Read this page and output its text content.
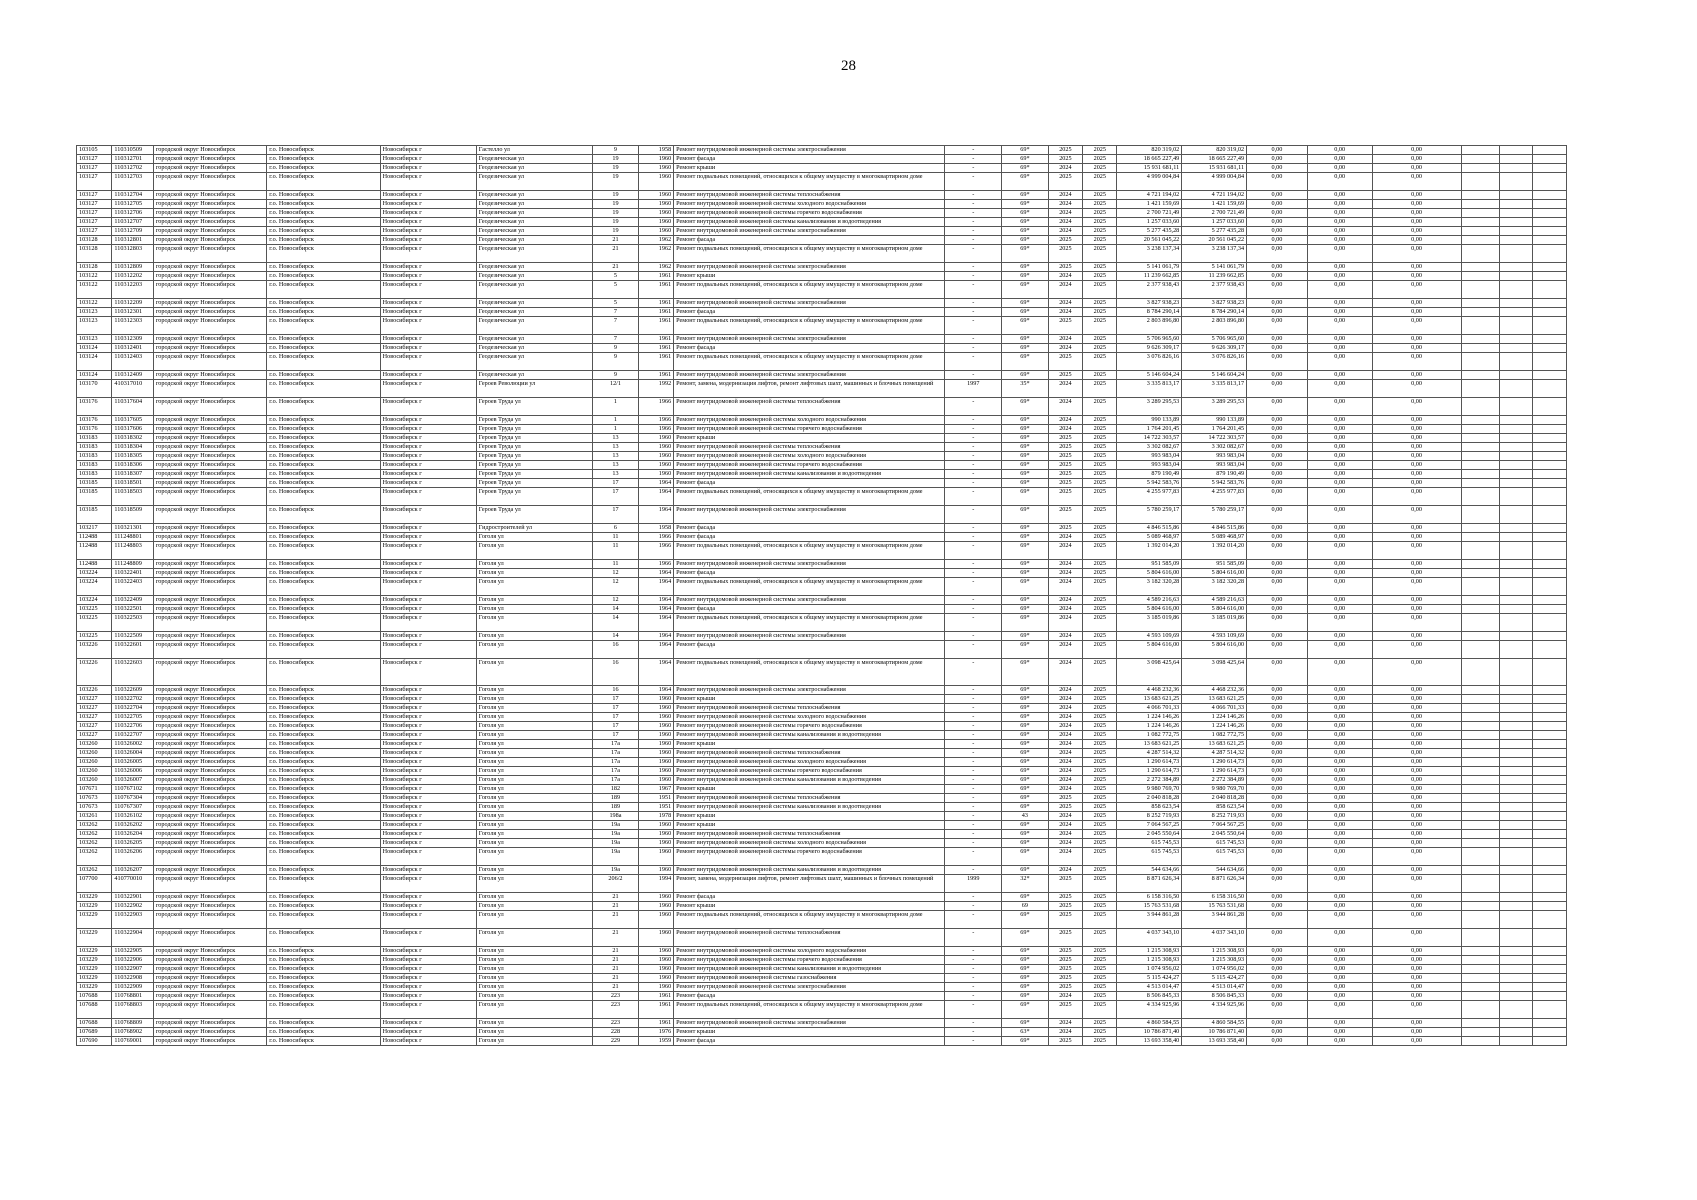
28
103105	110310509	городской округ Новосибирск	г.о. Новосибирск	Новосибирск г	Гастелло ул	9	1958	Ремонт внутридомовой инженерной системы электроснабжения	-	69*	2025	2025	820 319,02	820 319,02	0,00	0,00	0,00			
103127	110312701	городской округ Новосибирск	г.о. Новосибирск	Новосибирск г	Геодезическая ул	19	1960	Ремонт фасада	-	69*	2025	2025	18 665 227,49	18 665 227,49	0,00	0,00	0,00			
103127	110312702	городской округ Новосибирск	г.о. Новосибирск	Новосибирск г	Геодезическая ул	19	1960	Ремонт крыши	-	69*	2024	2025	15 931 681,11	15 931 681,11	0,00	0,00	0,00			
103127	110312703	городской округ Новосибирск	г.о. Новосибирск	Новосибирск г	Геодезическая ул	19	1960	Ремонт подвальных помещений, относящихся к общему имуществу в многоквартирном доме	-	69*	2025	2025	4 999 004,84	4 999 004,84	0,00	0,00	0,00			
103127	110312704	городской округ Новосибирск	г.о. Новосибирск	Новосибирск г	Геодезическая ул	19	1960	Ремонт внутридомовой инженерной системы теплоснабжения	-	69*	2024	2025	4 721 194,02	4 721 194,02	0,00	0,00	0,00			
103127	110312705	городской округ Новосибирск	г.о. Новосибирск	Новосибирск г	Геодезическая ул	19	1960	Ремонт внутридомовой инженерной системы холодного водоснабжения	-	69*	2024	2025	1 421 159,69	1 421 159,69	0,00	0,00	0,00			
103127	110312706	городской округ Новосибирск	г.о. Новосибирск	Новосибирск г	Геодезическая ул	19	1960	Ремонт внутридомовой инженерной системы горячего водоснабжения	-	69*	2024	2025	2 700 721,49	2 700 721,49	0,00	0,00	0,00			
103127	110312707	городской округ Новосибирск	г.о. Новосибирск	Новосибирск г	Геодезическая ул	19	1960	Ремонт внутридомовой инженерной системы канализования и водоотведения	-	69*	2024	2025	1 257 033,60	1 257 033,60	0,00	0,00	0,00			
103127	110312709	городской округ Новосибирск	г.о. Новосибирск	Новосибирск г	Геодезическая ул	19	1960	Ремонт внутридомовой инженерной системы электроснабжения	-	69*	2024	2025	5 277 435,28	5 277 435,28	0,00	0,00	0,00			
103128	110312801	городской округ Новосибирск	г.о. Новосибирск	Новосибирск г	Геодезическая ул	21	1962	Ремонт фасада	-	69*	2025	2025	20 561 045,22	20 561 045,22	0,00	0,00	0,00			
103128	110312803	городской округ Новосибирск	г.о. Новосибирск	Новосибирск г	Геодезическая ул	21	1962	Ремонт подвальных помещений, относящихся к общему имуществу в многоквартирном доме	-	69*	2025	2025	3 238 137,34	3 238 137,34	0,00	0,00	0,00			
103128	110312809	городской округ Новосибирск	г.о. Новосибирск	Новосибирск г	Геодезическая ул	21	1962	Ремонт внутридомовой инженерной системы электроснабжения	-	69*	2025	2025	5 141 061,79	5 141 061,79	0,00	0,00	0,00			
103122	110312202	городской округ Новосибирск	г.о. Новосибирск	Новосибирск г	Геодезическая ул	5	1961	Ремонт крыши	-	69*	2024	2025	11 239 662,85	11 239 662,85	0,00	0,00	0,00			
103122	110312203	городской округ Новосибирск	г.о. Новосибирск	Новосибирск г	Геодезическая ул	5	1961	Ремонт подвальных помещений, относящихся к общему имуществу в многоквартирном доме	-	69*	2024	2025	2 377 938,43	2 377 938,43	0,00	0,00	0,00			
103122	110312209	городской округ Новосибирск	г.о. Новосибирск	Новосибирск г	Геодезическая ул	5	1961	Ремонт внутридомовой инженерной системы электроснабжения	-	69*	2024	2025	3 827 938,23	3 827 938,23	0,00	0,00	0,00			
103123	110312301	городской округ Новосибирск	г.о. Новосибирск	Новосибирск г	Геодезическая ул	7	1961	Ремонт фасада	-	69*	2024	2025	8 784 290,14	8 784 290,14	0,00	0,00	0,00			
103123	110312303	городской округ Новосибирск	г.о. Новосибирск	Новосибирск г	Геодезическая ул	7	1961	Ремонт подвальных помещений, относящихся к общему имуществу в многоквартирном доме	-	69*	2025	2025	2 803 896,80	2 803 896,80	0,00	0,00	0,00			
103123	110312309	городской округ Новосибирск	г.о. Новосибирск	Новосибирск г	Геодезическая ул	7	1961	Ремонт внутридомовой инженерной системы электроснабжения	-	69*	2024	2025	5 706 965,60	5 706 965,60	0,00	0,00	0,00			
103124	110312401	городской округ Новосибирск	г.о. Новосибирск	Новосибирск г	Геодезическая ул	9	1961	Ремонт фасада	-	69*	2024	2025	9 626 309,17	9 626 309,17	0,00	0,00	0,00			
103124	110312403	городской округ Новосибирск	г.о. Новосибирск	Новосибирск г	Геодезическая ул	9	1961	Ремонт подвальных помещений, относящихся к общему имуществу в многоквартирном доме	-	69*	2025	2025	3 076 826,16	3 076 826,16	0,00	0,00	0,00			
103124	110312409	городской округ Новосибирск	г.о. Новосибирск	Новосибирск г	Геодезическая ул	9	1961	Ремонт внутридомовой инженерной системы электроснабжения	-	69*	2025	2025	5 146 604,24	5 146 604,24	0,00	0,00	0,00			
103170	410317010	городской округ Новосибирск	г.о. Новосибирск	Новосибирск г	Героев Революции ул	12/1	1992	Ремонт, замена, модернизация лифтов, ремонт лифтовых шахт, машинных и блочных помещений	1997	35*	2024	2025	3 335 813,17	3 335 813,17	0,00	0,00	0,00			
103176	110317604	городской округ Новосибирск	г.о. Новосибирск	Новосибирск г	Героев Труда ул	1	1966	Ремонт внутридомовой инженерной системы теплоснабжения	-	69*	2024	2025	3 289 295,53	3 289 295,53	0,00	0,00	0,00			
103176	110317605	городской округ Новосибирск	г.о. Новосибирск	Новосибирск г	Героев Труда ул	1	1966	Ремонт внутридомовой инженерной системы холодного водоснабжения	-	69*	2024	2025	990 133,89	990 133,89	0,00	0,00	0,00			
103176	110317606	городской округ Новосибирск	г.о. Новосибирск	Новосибирск г	Героев Труда ул	1	1966	Ремонт внутридомовой инженерной системы горячего водоснабжения	-	69*	2024	2025	1 764 201,45	1 764 201,45	0,00	0,00	0,00			
103183	110318302	городской округ Новосибирск	г.о. Новосибирск	Новосибирск г	Героев Труда ул	13	1960	Ремонт крыши	-	69*	2025	2025	14 722 303,57	14 722 303,57	0,00	0,00	0,00			
103183	110318304	городской округ Новосибирск	г.о. Новосибирск	Новосибирск г	Героев Труда ул	13	1960	Ремонт внутридомовой инженерной системы теплоснабжения	-	69*	2025	2025	3 302 082,67	3 302 082,67	0,00	0,00	0,00			
103183	110318305	городской округ Новосибирск	г.о. Новосибирск	Новосибирск г	Героев Труда ул	13	1960	Ремонт внутридомовой инженерной системы холодного водоснабжения	-	69*	2025	2025	993 983,04	993 983,04	0,00	0,00	0,00			
103183	110318306	городской округ Новосибирск	г.о. Новосибирск	Новосибирск г	Героев Труда ул	13	1960	Ремонт внутридомовой инженерной системы горячего водоснабжения	-	69*	2025	2025	993 983,04	993 983,04	0,00	0,00	0,00			
103183	110318307	городской округ Новосибирск	г.о. Новосибирск	Новосибирск г	Героев Труда ул	13	1960	Ремонт внутридомовой инженерной системы канализования и водоотведения	-	69*	2025	2025	879 190,49	879 190,49	0,00	0,00	0,00			
103185	110318501	городской округ Новосибирск	г.о. Новосибирск	Новосибирск г	Героев Труда ул	17	1964	Ремонт фасада	-	69*	2025	2025	5 942 583,76	5 942 583,76	0,00	0,00	0,00			
103185	110318503	городской округ Новосибирск	г.о. Новосибирск	Новосибирск г	Героев Труда ул	17	1964	Ремонт подвальных помещений, относящихся к общему имуществу в многоквартирном доме	-	69*	2025	2025	4 255 977,83	4 255 977,83	0,00	0,00	0,00			
103185	110318509	городской округ Новосибирск	г.о. Новосибирск	Новосибирск г	Героев Труда ул	17	1964	Ремонт внутридомовой инженерной системы электроснабжения	-	69*	2025	2025	5 780 259,17	5 780 259,17	0,00	0,00	0,00			
103217	110321301	городской округ Новосибирск	г.о. Новосибирск	Новосибирск г	Гидростроителей ул	6	1958	Ремонт фасада	-	69*	2025	2025	4 846 515,86	4 846 515,86	0,00	0,00	0,00			
112488	111248801	городской округ Новосибирск	г.о. Новосибирск	Новосибирск г	Гоголя ул	11	1966	Ремонт фасада	-	69*	2024	2025	5 089 468,97	5 089 468,97	0,00	0,00	0,00			
112488	111248803	городской округ Новосибирск	г.о. Новосибирск	Новосибирск г	Гоголя ул	11	1966	Ремонт подвальных помещений, относящихся к общему имуществу в многоквартирном доме	-	69*	2024	2025	1 392 014,20	1 392 014,20	0,00	0,00	0,00			
112488	111248809	городской округ Новосибирск	г.о. Новосибирск	Новосибирск г	Гоголя ул	11	1966	Ремонт внутридомовой инженерной системы электроснабжения	-	69*	2024	2025	951 585,09	951 585,09	0,00	0,00	0,00			
103224	110322401	городской округ Новосибирск	г.о. Новосибирск	Новосибирск г	Гоголя ул	12	1964	Ремонт фасада	-	69*	2024	2025	5 804 616,00	5 804 616,00	0,00	0,00	0,00			
103224	110322403	городской округ Новосибирск	г.о. Новосибирск	Новосибирск г	Гоголя ул	12	1964	Ремонт подвальных помещений, относящихся к общему имуществу в многоквартирном доме	-	69*	2024	2025	3 182 320,28	3 182 320,28	0,00	0,00	0,00			
103224	110322409	городской округ Новосибирск	г.о. Новосибирск	Новосибирск г	Гоголя ул	12	1964	Ремонт внутридомовой инженерной системы электроснабжения	-	69*	2024	2025	4 589 216,63	4 589 216,63	0,00	0,00	0,00			
103225	110322501	городской округ Новосибирск	г.о. Новосибирск	Новосибирск г	Гоголя ул	14	1964	Ремонт фасада	-	69*	2024	2025	5 804 616,00	5 804 616,00	0,00	0,00	0,00			
103225	110322503	городской округ Новосибирск	г.о. Новосибирск	Новосибирск г	Гоголя ул	14	1964	Ремонт подвальных помещений, относящихся к общему имуществу в многоквартирном доме	-	69*	2024	2025	3 185 019,86	3 185 019,86	0,00	0,00	0,00			
103225	110322509	городской округ Новосибирск	г.о. Новосибирск	Новосибирск г	Гоголя ул	14	1964	Ремонт внутридомовой инженерной системы электроснабжения	-	69*	2024	2025	4 593 109,69	4 593 109,69	0,00	0,00	0,00			
103226	110322601	городской округ Новосибирск	г.о. Новосибирск	Новосибирск г	Гоголя ул	16	1964	Ремонт фасада	-	69*	2024	2025	5 804 616,00	5 804 616,00	0,00	0,00	0,00			
103226	110322603	городской округ Новосибирск	г.о. Новосибирск	Новосибирск г	Гоголя ул	16	1964	Ремонт подвальных помещений, относящихся к общему имуществу в многоквартирном доме	-	69*	2024	2025	3 098 425,64	3 098 425,64	0,00	0,00	0,00			
103226	110322609	городской округ Новосибирск	г.о. Новосибирск	Новосибирск г	Гоголя ул	16	1964	Ремонт внутридомовой инженерной системы электроснабжения	-	69*	2024	2025	4 468 232,36	4 468 232,36	0,00	0,00	0,00			
103227	110322702	городской округ Новосибирск	г.о. Новосибирск	Новосибирск г	Гоголя ул	17	1960	Ремонт крыши	-	69*	2024	2025	13 683 621,25	13 683 621,25	0,00	0,00	0,00			
103227	110322704	городской округ Новосибирск	г.о. Новосибирск	Новосибирск г	Гоголя ул	17	1960	Ремонт внутридомовой инженерной системы теплоснабжения	-	69*	2024	2025	4 066 701,33	4 066 701,33	0,00	0,00	0,00			
103227	110322705	городской округ Новосибирск	г.о. Новосибирск	Новосибирск г	Гоголя ул	17	1960	Ремонт внутридомовой инженерной системы холодного водоснабжения	-	69*	2024	2025	1 224 146,26	1 224 146,26	0,00	0,00	0,00			
103227	110322706	городской округ Новосибирск	г.о. Новосибирск	Новосибирск г	Гоголя ул	17	1960	Ремонт внутридомовой инженерной системы горячего водоснабжения	-	69*	2024	2025	1 224 146,26	1 224 146,26	0,00	0,00	0,00			
103227	110322707	городской округ Новосибирск	г.о. Новосибирск	Новосибирск г	Гоголя ул	17	1960	Ремонт внутридомовой инженерной системы канализования и водоотведения	-	69*	2024	2025	1 082 772,75	1 082 772,75	0,00	0,00	0,00			
103260	110326002	городской округ Новосибирск	г.о. Новосибирск	Новосибирск г	Гоголя ул	17а	1960	Ремонт крыши	-	69*	2024	2025	13 683 621,25	13 683 621,25	0,00	0,00	0,00			
103260	110326004	городской округ Новосибирск	г.о. Новосибирск	Новосибирск г	Гоголя ул	17а	1960	Ремонт внутридомовой инженерной системы теплоснабжения	-	69*	2024	2025	4 287 514,32	4 287 514,32	0,00	0,00	0,00			
103260	110326005	городской округ Новосибирск	г.о. Новосибирск	Новосибирск г	Гоголя ул	17а	1960	Ремонт внутридомовой инженерной системы холодного водоснабжения	-	69*	2024	2025	1 290 614,73	1 290 614,73	0,00	0,00	0,00			
103260	110326006	городской округ Новосибирск	г.о. Новосибирск	Новосибирск г	Гоголя ул	17а	1960	Ремонт внутридомовой инженерной системы горячего водоснабжения	-	69*	2024	2025	1 290 614,73	1 290 614,73	0,00	0,00	0,00			
103260	110326007	городской округ Новосибирск	г.о. Новосибирск	Новосибирск г	Гоголя ул	17а	1960	Ремонт внутридомовой инженерной системы канализования и водоотведения	-	69*	2024	2025	2 272 384,89	2 272 384,89	0,00	0,00	0,00			
107671	110767102	городской округ Новосибирск	г.о. Новосибирск	Новосибирск г	Гоголя ул	182	1967	Ремонт крыши	-	69*	2024	2025	9 980 769,70	9 980 769,70	0,00	0,00	0,00			
107673	110767304	городской округ Новосибирск	г.о. Новосибирск	Новосибирск г	Гоголя ул	189	1951	Ремонт внутридомовой инженерной системы теплоснабжения	-	69*	2025	2025	2 040 818,28	2 040 818,28	0,00	0,00	0,00			
107673	110767307	городской округ Новосибирск	г.о. Новосибирск	Новосибирск г	Гоголя ул	189	1951	Ремонт внутридомовой инженерной системы канализования и водоотведения	-	69*	2025	2025	858 623,54	858 623,54	0,00	0,00	0,00			
103261	110326102	городской округ Новосибирск	г.о. Новосибирск	Новосибирск г	Гоголя ул	198а	1978	Ремонт крыши	-	43	2024	2025	8 252 719,93	8 252 719,93	0,00	0,00	0,00			
103262	110326202	городской округ Новосибирск	г.о. Новосибирск	Новосибирск г	Гоголя ул	19а	1960	Ремонт крыши	-	69*	2024	2025	7 064 567,25	7 064 567,25	0,00	0,00	0,00			
103262	110326204	городской округ Новосибирск	г.о. Новосибирск	Новосибирск г	Гоголя ул	19а	1960	Ремонт внутридомовой инженерной системы теплоснабжения	-	69*	2024	2025	2 045 550,64	2 045 550,64	0,00	0,00	0,00			
103262	110326205	городской округ Новосибирск	г.о. Новосибирск	Новосибирск г	Гоголя ул	19а	1960	Ремонт внутридомовой инженерной системы холодного водоснабжения	-	69*	2024	2025	615 745,53	615 745,53	0,00	0,00	0,00			
103262	110326206	городской округ Новосибирск	г.о. Новосибирск	Новосибирск г	Гоголя ул	19а	1960	Ремонт внутридомовой инженерной системы горячего водоснабжения	-	69*	2024	2025	615 745,53	615 745,53	0,00	0,00	0,00			
103262	110326207	городской округ Новосибирск	г.о. Новосибирск	Новосибирск г	Гоголя ул	19а	1960	Ремонт внутридомовой инженерной системы канализования и водоотведения	-	69*	2024	2025	544 634,66	544 634,66	0,00	0,00	0,00			
107700	410770010	городской округ Новосибирск	г.о. Новосибирск	Новосибирск г	Гоголя ул	206/2	1994	Ремонт, замена, модернизация лифтов, ремонт лифтовых шахт, машинных и блочных помещений	1999	32*	2025	2025	8 871 626,34	8 871 626,34	0,00	0,00	0,00			
103229	110322901	городской округ Новосибирск	г.о. Новосибирск	Новосибирск г	Гоголя ул	21	1960	Ремонт фасада	-	69*	2025	2025	6 158 316,50	6 158 316,50	0,00	0,00	0,00			
103229	110322902	городской округ Новосибирск	г.о. Новосибирск	Новосибирск г	Гоголя ул	21	1960	Ремонт крыши	-	69	2025	2025	15 763 531,68	15 763 531,68	0,00	0,00	0,00			
103229	110322903	городской округ Новосибирск	г.о. Новосибирск	Новосибирск г	Гоголя ул	21	1960	Ремонт подвальных помещений, относящихся к общему имуществу в многоквартирном доме	-	69*	2025	2025	3 944 861,28	3 944 861,28	0,00	0,00	0,00			
103229	110322904	городской округ Новосибирск	г.о. Новосибирск	Новосибирск г	Гоголя ул	21	1960	Ремонт внутридомовой инженерной системы теплоснабжения	-	69*	2025	2025	4 037 343,10	4 037 343,10	0,00	0,00	0,00			
103229	110322905	городской округ Новосибирск	г.о. Новосибирск	Новосибирск г	Гоголя ул	21	1960	Ремонт внутридомовой инженерной системы холодного водоснабжения	-	69*	2025	2025	1 215 308,93	1 215 308,93	0,00	0,00	0,00			
103229	110322906	городской округ Новосибирск	г.о. Новосибирск	Новосибирск г	Гоголя ул	21	1960	Ремонт внутридомовой инженерной системы горячего водоснабжения	-	69*	2025	2025	1 215 308,93	1 215 308,93	0,00	0,00	0,00			
103229	110322907	городской округ Новосибирск	г.о. Новосибирск	Новосибирск г	Гоголя ул	21	1960	Ремонт внутридомовой инженерной системы канализования и водоотведения	-	69*	2025	2025	1 074 956,02	1 074 956,02	0,00	0,00	0,00			
103229	110322908	городской округ Новосибирск	г.о. Новосибирск	Новосибирск г	Гоголя ул	21	1960	Ремонт внутридомовой инженерной системы газоснабжения	-	69*	2025	2025	5 115 424,27	5 115 424,27	0,00	0,00	0,00			
103229	110322909	городской округ Новосибирск	г.о. Новосибирск	Новосибирск г	Гоголя ул	21	1960	Ремонт внутридомовой инженерной системы электроснабжения	-	69*	2025	2025	4 513 014,47	4 513 014,47	0,00	0,00	0,00			
107688	110768801	городской округ Новосибирск	г.о. Новосибирск	Новосибирск г	Гоголя ул	223	1961	Ремонт фасада	-	69*	2024	2025	8 506 845,33	8 506 845,33	0,00	0,00	0,00			
107688	110768803	городской округ Новосибирск	г.о. Новосибирск	Новосибирск г	Гоголя ул	223	1961	Ремонт подвальных помещений, относящихся к общему имуществу в многоквартирном доме	-	69*	2025	2025	4 334 925,96	4 334 925,96	0,00	0,00	0,00			
107688	110768809	городской округ Новосибирск	г.о. Новосибирск	Новосибирск г	Гоголя ул	223	1961	Ремонт внутридомовой инженерной системы электроснабжения	-	69*	2024	2025	4 860 584,55	4 860 584,55	0,00	0,00	0,00			
107689	110768902	городской округ Новосибирск	г.о. Новосибирск	Новосибирск г	Гоголя ул	228	1976	Ремонт крыши	-	63*	2024	2025	10 786 871,40	10 786 871,40	0,00	0,00	0,00			
107690	110769001	городской округ Новосибирск	г.о. Новосибирск	Новосибирск г	Гоголя ул	229	1959	Ремонт фасада	-	69*	2025	2025	13 693 358,40	13 693 358,40	0,00	0,00	0,00			
